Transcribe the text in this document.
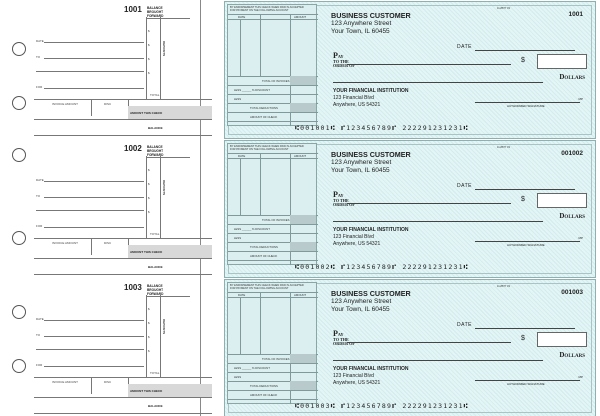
1001 BALANCE
BROUGHT
FORWARD
DATE
TO
FOR
$
$
$
$
DEPOSITS
TOTAL
INVOICE AMOUNT	DISC
AMOUNT THIS CHECK
BALANCE
BY ENDORSEMENT THIS CHECK WHEN PAID IS ACCEPTED
FOR PAYMENT ON THE FOLLOWING ACCOUNT
DATE	AMOUNT
TOTAL OF INVOICES
LESS ______ % DISCOUNT
LESS
TOTAL DEDUCTIONS
AMOUNT OF CHECK
BUSINESS CUSTOMER
123 Anywhere Street
Your Town, IL 60455
11-8877 03
1001
DATE
PAY
TO THE
ORDER OF
$
Dollars
YOUR FINANCIAL INSTITUTION
123 Financial Blvd
Anywhere, US 54321
MP
AUTHORIZED SIGNATURE
⑆001001⑆ ⑈123456789⑈ 222291231231⑆
1002 BALANCE
BROUGHT
FORWARD
DATE
TO
FOR
$
$
$
$
DEPOSITS
TOTAL
INVOICE AMOUNT	DISC
AMOUNT THIS CHECK
BALANCE
BY ENDORSEMENT THIS CHECK WHEN PAID IS ACCEPTED
FOR PAYMENT ON THE FOLLOWING ACCOUNT
DATE	AMOUNT
TOTAL OF INVOICES
LESS ______ % DISCOUNT
LESS
TOTAL DEDUCTIONS
AMOUNT OF CHECK
BUSINESS CUSTOMER
123 Anywhere Street
Your Town, IL 60455
11-8877 03
001002
DATE
PAY
TO THE
ORDER OF
$
Dollars
YOUR FINANCIAL INSTITUTION
123 Financial Blvd
Anywhere, US 54321
MP
AUTHORIZED SIGNATURE
⑆001002⑆ ⑈123456789⑈ 222291231231⑆
1003 BALANCE
BROUGHT
FORWARD
DATE
TO
FOR
$
$
$
$
DEPOSITS
TOTAL
INVOICE AMOUNT	DISC
AMOUNT THIS CHECK
BALANCE
BY ENDORSEMENT THIS CHECK WHEN PAID IS ACCEPTED
FOR PAYMENT ON THE FOLLOWING ACCOUNT
DATE	AMOUNT
TOTAL OF INVOICES
LESS ______ % DISCOUNT
LESS
TOTAL DEDUCTIONS
AMOUNT OF CHECK
BUSINESS CUSTOMER
123 Anywhere Street
Your Town, IL 60455
11-8877 03
001003
DATE
PAY
TO THE
ORDER OF
$
Dollars
YOUR FINANCIAL INSTITUTION
123 Financial Blvd
Anywhere, US 54321
MP
AUTHORIZED SIGNATURE
⑆001003⑆ ⑈123456789⑈ 222291231231⑆
